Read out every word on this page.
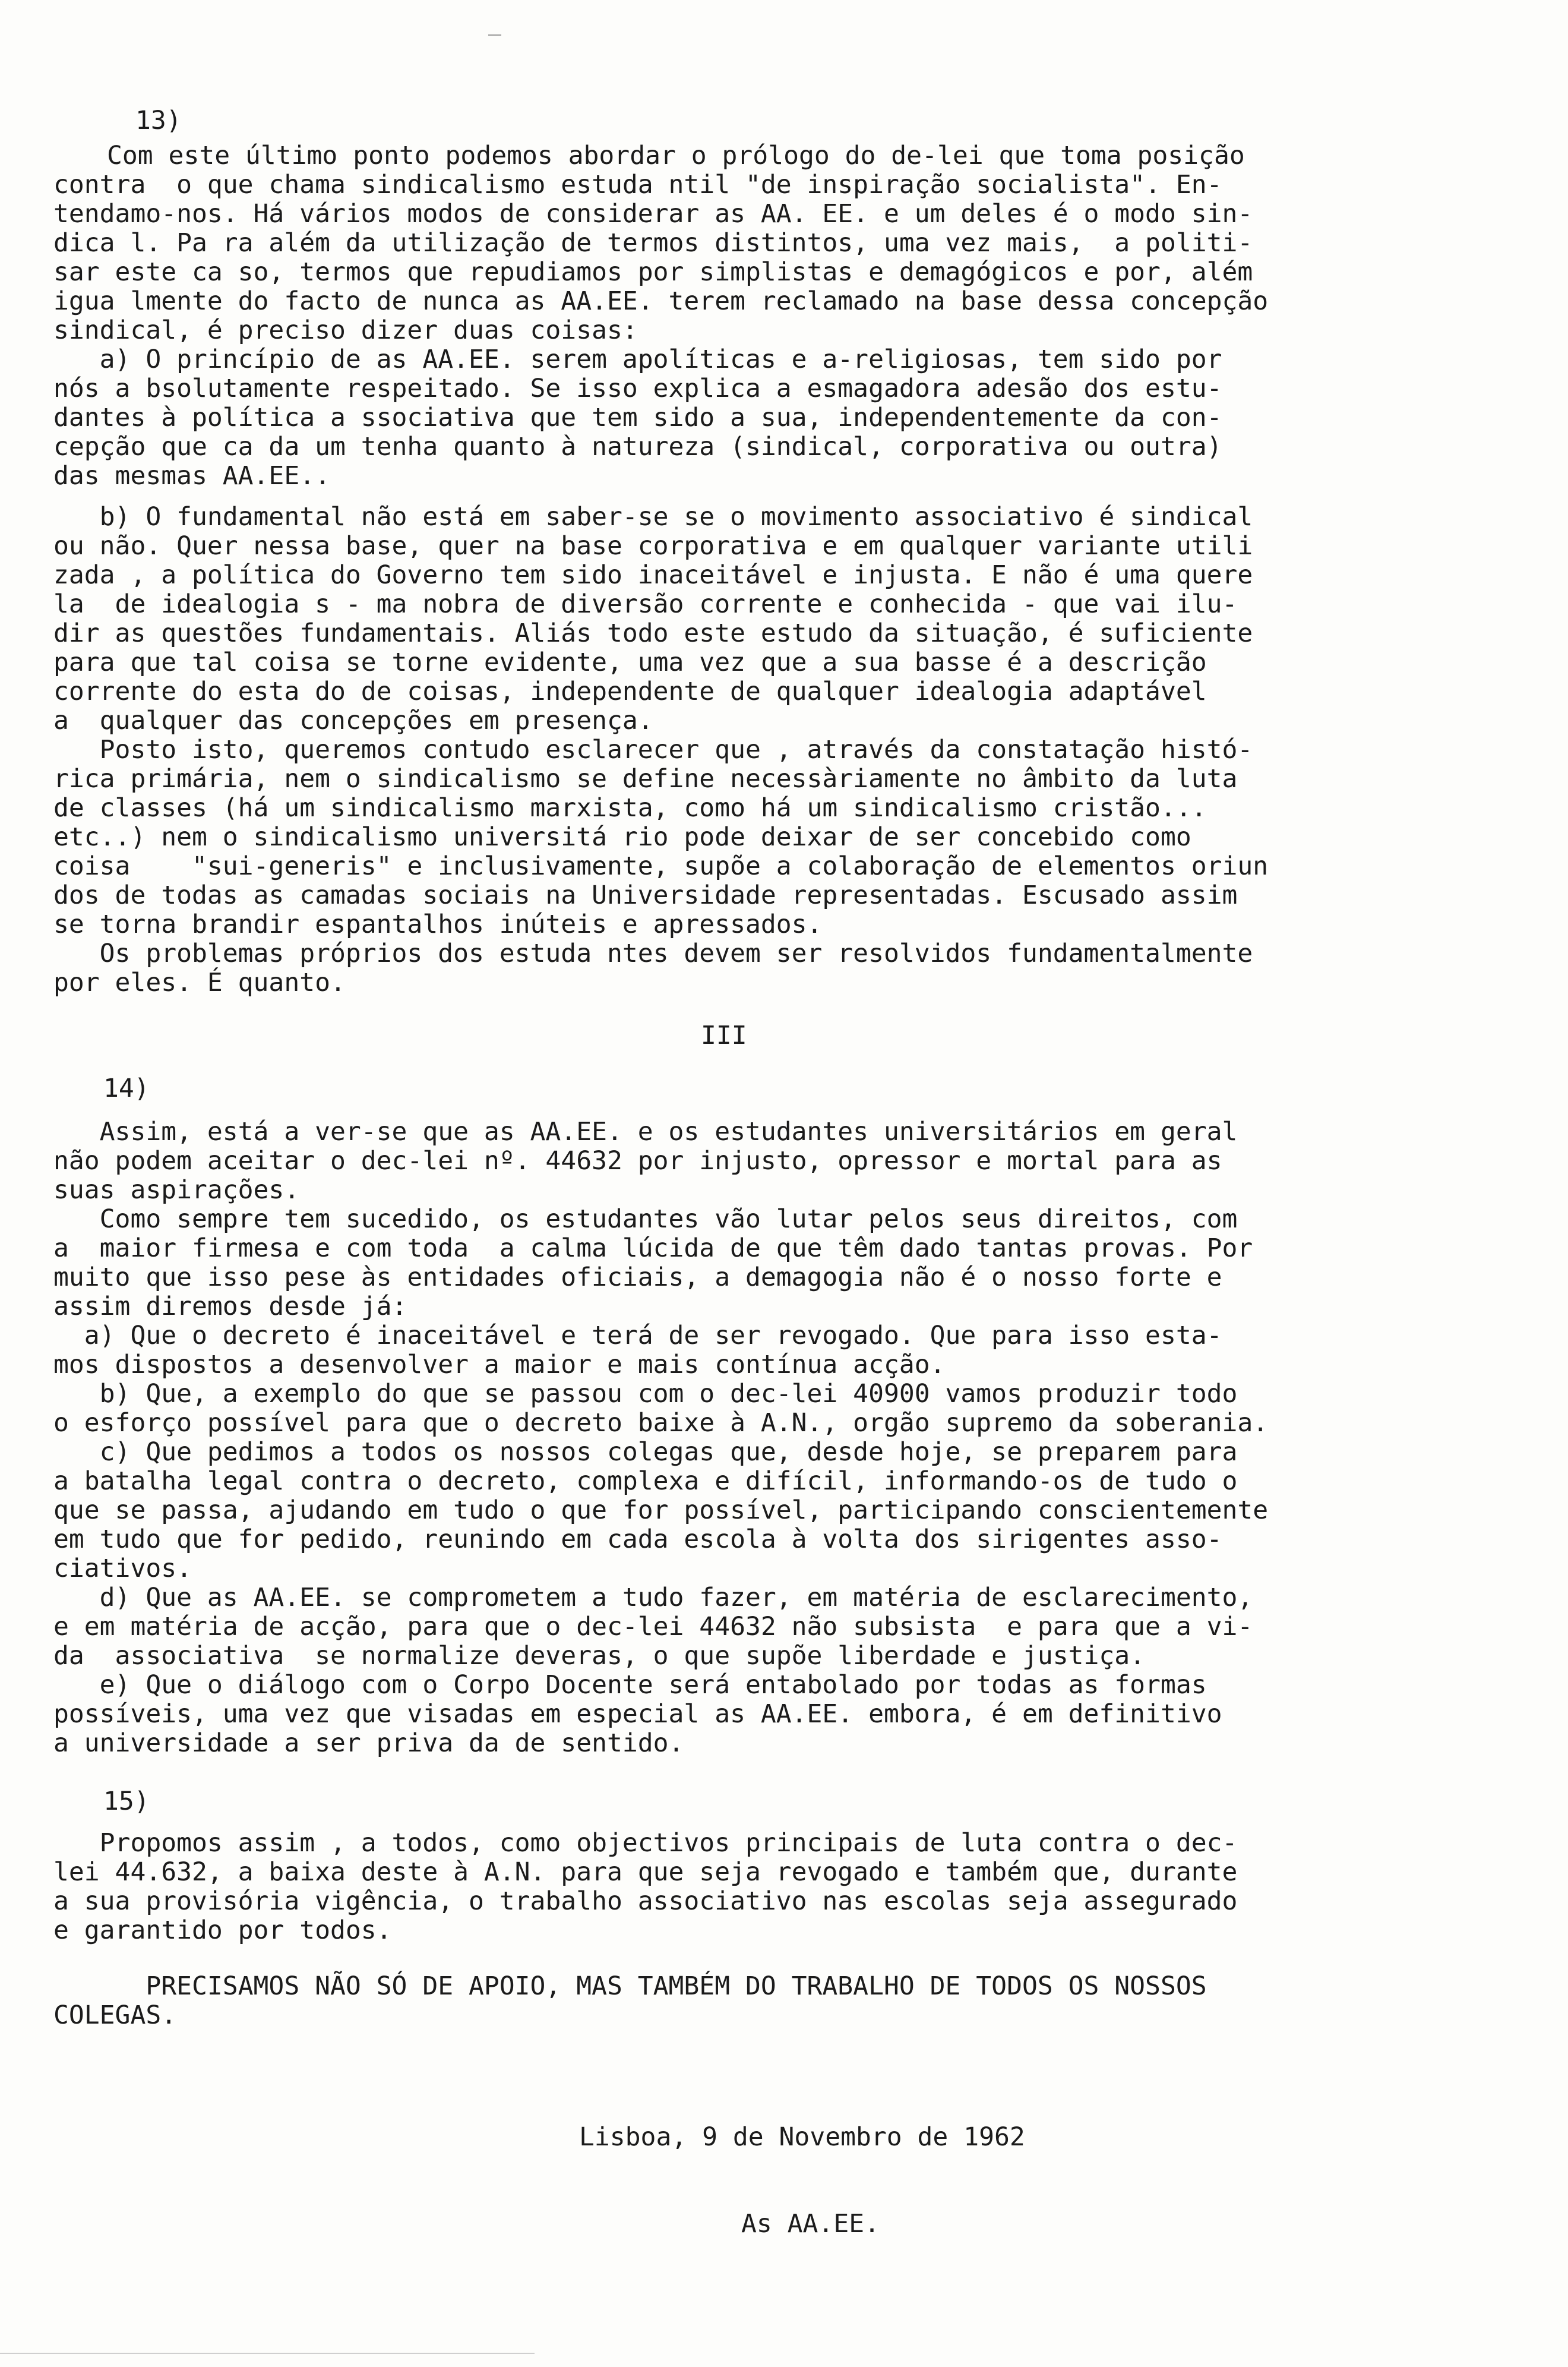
13)
Com este último ponto podemos abordar o prólogo do de-lei que toma posição
contra  o que chama sindicalismo estuda ntil "de inspiração socialista". En-
tendamo-nos. Há vários modos de considerar as AA. EE. e um deles é o modo sin-
dica l. Pa ra além da utilização de termos distintos, uma vez mais,  a politi-
sar este ca so, termos que repudiamos por simplistas e demagógicos e por, além
igua lmente do facto de nunca as AA.EE. terem reclamado na base dessa concepção
sindical, é preciso dizer duas coisas:
a) O princípio de as AA.EE. serem apolíticas e a-religiosas, tem sido por
nós a bsolutamente respeitado. Se isso explica a esmagadora adesão dos estu-
dantes à política a ssociativa que tem sido a sua, independentemente da con-
cepção que ca da um tenha quanto à natureza (sindical, corporativa ou outra)
das mesmas AA.EE..
b) O fundamental não está em saber-se se o movimento associativo é sindical
ou não. Quer nessa base, quer na base corporativa e em qualquer variante utili
zada , a política do Governo tem sido inaceitável e injusta. E não é uma quere
la  de idealogia s - ma nobra de diversão corrente e conhecida - que vai ilu-
dir as questões fundamentais. Aliás todo este estudo da situação, é suficiente
para que tal coisa se torne evidente, uma vez que a sua basse é a descrição
corrente do esta do de coisas, independente de qualquer idealogia adaptável
a  qualquer das concepções em presença.
Posto isto, queremos contudo esclarecer que , através da constatação histó-
rica primária, nem o sindicalismo se define necessàriamente no âmbito da luta
de classes (há um sindicalismo marxista, como há um sindicalismo cristão...
etc..) nem o sindicalismo universitá rio pode deixar de ser concebido como
coisa    "sui-generis" e inclusivamente, supõe a colaboração de elementos oriun
dos de todas as camadas sociais na Universidade representadas. Escusado assim
se torna brandir espantalhos inúteis e apressados.
Os problemas próprios dos estuda ntes devem ser resolvidos fundamentalmente
por eles. É quanto.
III
14)
Assim, está a ver-se que as AA.EE. e os estudantes universitários em geral
não podem aceitar o dec-lei nº. 44632 por injusto, opressor e mortal para as
suas aspirações.
Como sempre tem sucedido, os estudantes vão lutar pelos seus direitos, com
a  maior firmesa e com toda  a calma lúcida de que têm dado tantas provas. Por
muito que isso pese às entidades oficiais, a demagogia não é o nosso forte e
assim diremos desde já:
a) Que o decreto é inaceitável e terá de ser revogado. Que para isso esta-
mos dispostos a desenvolver a maior e mais contínua acção.
b) Que, a exemplo do que se passou com o dec-lei 40900 vamos produzir todo
o esforço possível para que o decreto baixe à A.N., orgão supremo da soberania.
c) Que pedimos a todos os nossos colegas que, desde hoje, se preparem para
a batalha legal contra o decreto, complexa e difícil, informando-os de tudo o
que se passa, ajudando em tudo o que for possível, participando conscientemente
em tudo que for pedido, reunindo em cada escola à volta dos sirigentes asso-
ciativos.
d) Que as AA.EE. se comprometem a tudo fazer, em matéria de esclarecimento,
e em matéria de acção, para que o dec-lei 44632 não subsista  e para que a vi-
da  associativa  se normalize deveras, o que supõe liberdade e justiça.
e) Que o diálogo com o Corpo Docente será entabolado por todas as formas
possíveis, uma vez que visadas em especial as AA.EE. embora, é em definitivo
a universidade a ser priva da de sentido.
15)
Propomos assim , a todos, como objectivos principais de luta contra o dec-
lei 44.632, a baixa deste à A.N. para que seja revogado e também que, durante
a sua provisória vigência, o trabalho associativo nas escolas seja assegurado
e garantido por todos.
PRECISAMOS NÃO SÓ DE APOIO, MAS TAMBÉM DO TRABALHO DE TODOS OS NOSSOS
COLEGAS.
Lisboa, 9 de Novembro de 1962
As AA.EE.
